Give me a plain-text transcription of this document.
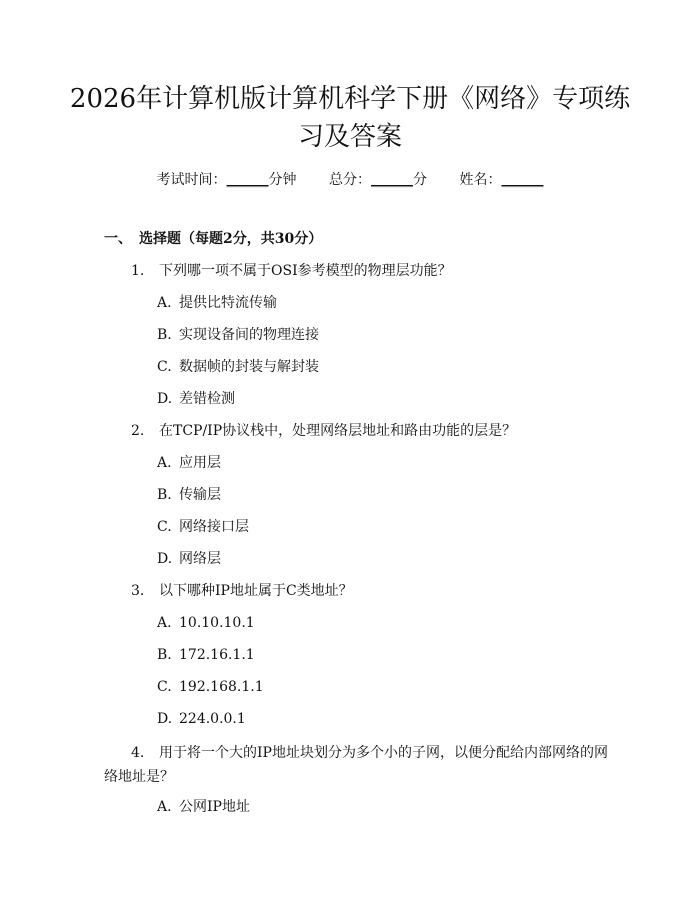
2026年计算机版计算机科学下册《网络》专项练习及答案
考试时间：______分钟 总分：______分 姓名：______
一、 选择题（每题2分，共30分）
1. 下列哪一项不属于OSI参考模型的物理层功能？
A. 提供比特流传输
B. 实现设备间的物理连接
C. 数据帧的封装与解封装
D. 差错检测
2. 在TCP/IP协议栈中，处理网络层地址和路由功能的层是？
A. 应用层
B. 传输层
C. 网络接口层
D. 网络层
3. 以下哪种IP地址属于C类地址？
A. 10.10.10.1
B. 172.16.1.1
C. 192.168.1.1
D. 224.0.0.1
4. 用于将一个大的IP地址块划分为多个小的子网，以便分配给内部网络的网络地址是？
A. 公网IP地址
